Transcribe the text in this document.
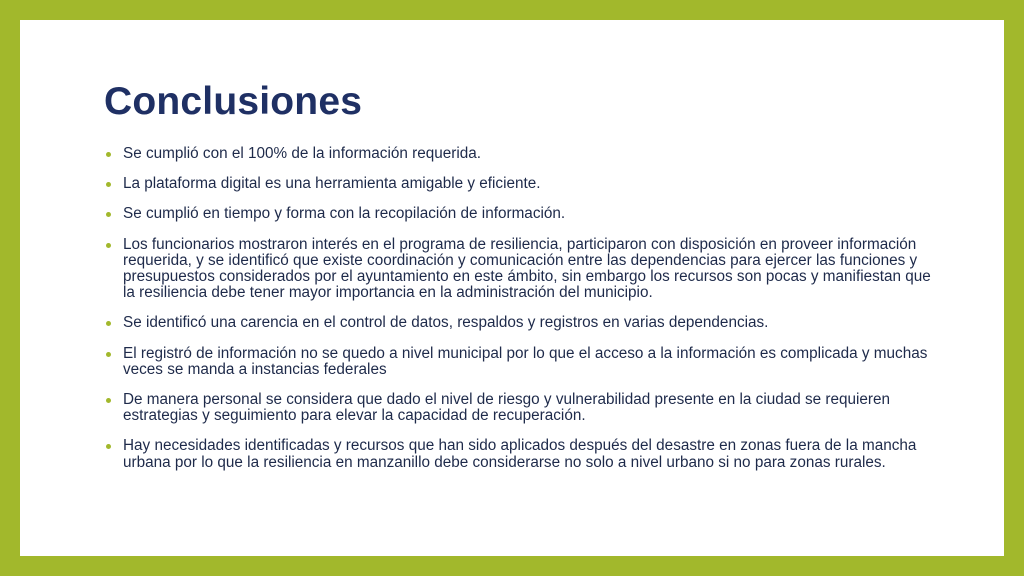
Conclusiones
Se cumplió con el 100% de la información requerida.
La plataforma digital es una herramienta amigable y eficiente.
Se cumplió en tiempo y forma con la recopilación de información.
Los funcionarios mostraron interés en el programa de resiliencia, participaron con disposición en proveer información requerida, y se identificó que existe coordinación y comunicación entre las dependencias para ejercer las funciones y presupuestos considerados por el ayuntamiento en este ámbito, sin embargo los recursos son pocas y manifiestan que la resiliencia debe tener mayor importancia en la administración del municipio.
Se identificó una carencia en el control de datos, respaldos y registros en varias dependencias.
El registró de información no se quedo a nivel municipal por lo que el acceso a la información es complicada y muchas veces se manda a instancias federales
De manera personal se considera que dado el nivel de riesgo y vulnerabilidad presente en la ciudad se requieren estrategias y seguimiento para elevar la capacidad de recuperación.
Hay necesidades identificadas y recursos que han sido aplicados después del desastre en zonas fuera de la mancha urbana por lo que la resiliencia en manzanillo debe considerarse no solo a nivel urbano si no para zonas rurales.
